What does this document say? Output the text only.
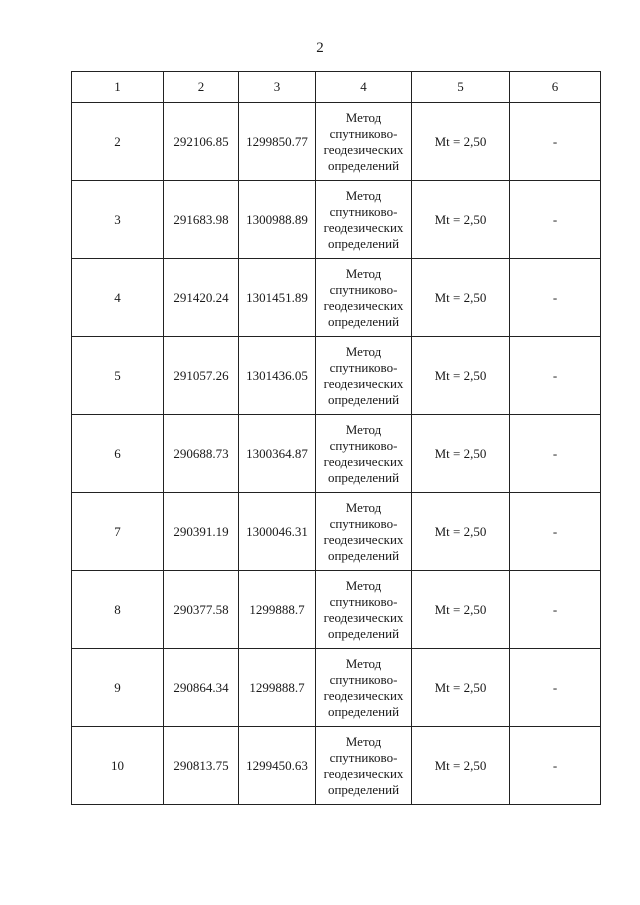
2
1	2	3	4	5	6
2	292106.85	1299850.77	Метод
спутниково-
геодезических
определений	Mt = 2,50	-
3	291683.98	1300988.89	Метод
спутниково-
геодезических
определений	Mt = 2,50	-
4	291420.24	1301451.89	Метод
спутниково-
геодезических
определений	Mt = 2,50	-
5	291057.26	1301436.05	Метод
спутниково-
геодезических
определений	Mt = 2,50	-
6	290688.73	1300364.87	Метод
спутниково-
геодезических
определений	Mt = 2,50	-
7	290391.19	1300046.31	Метод
спутниково-
геодезических
определений	Mt = 2,50	-
8	290377.58	1299888.7	Метод
спутниково-
геодезических
определений	Mt = 2,50	-
9	290864.34	1299888.7	Метод
спутниково-
геодезических
определений	Mt = 2,50	-
10	290813.75	1299450.63	Метод
спутниково-
геодезических
определений	Mt = 2,50	-
